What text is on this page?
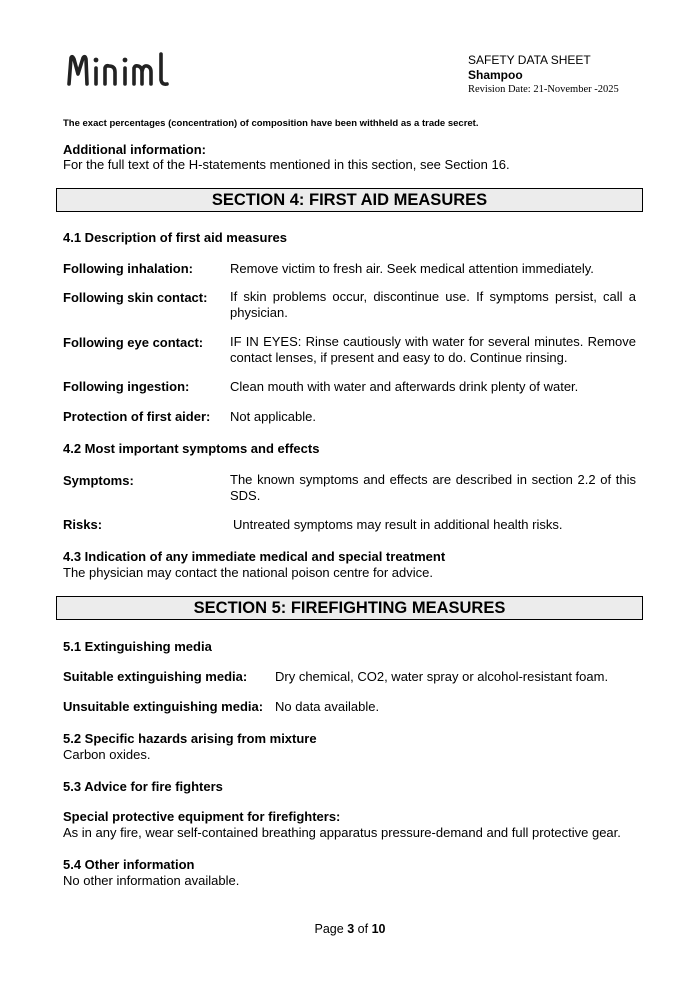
SAFETY DATA SHEET
Shampoo
Revision Date: 21-November -2025
The exact percentages (concentration) of composition have been withheld as a trade secret.
Additional information:
For the full text of the H-statements mentioned in this section, see Section 16.
SECTION 4: FIRST AID MEASURES
4.1 Description of first aid measures
Following inhalation:	Remove victim to fresh air. Seek medical attention immediately.
Following skin contact: If skin problems occur, discontinue use. If symptoms persist, call a physician.
Following eye contact: IF IN EYES: Rinse cautiously with water for several minutes. Remove contact lenses, if present and easy to do. Continue rinsing.
Following ingestion:	Clean mouth with water and afterwards drink plenty of water.
Protection of first aider: Not applicable.
4.2 Most important symptoms and effects
Symptoms:	The known symptoms and effects are described in section 2.2 of this SDS.
Risks:	Untreated symptoms may result in additional health risks.
4.3 Indication of any immediate medical and special treatment
The physician may contact the national poison centre for advice.
SECTION 5: FIREFIGHTING MEASURES
5.1 Extinguishing media
Suitable extinguishing media: Dry chemical, CO2, water spray or alcohol-resistant foam.
Unsuitable extinguishing media: No data available.
5.2 Specific hazards arising from mixture
Carbon oxides.
5.3 Advice for fire fighters
Special protective equipment for firefighters:
As in any fire, wear self-contained breathing apparatus pressure-demand and full protective gear.
5.4 Other information
No other information available.
Page 3 of 10
